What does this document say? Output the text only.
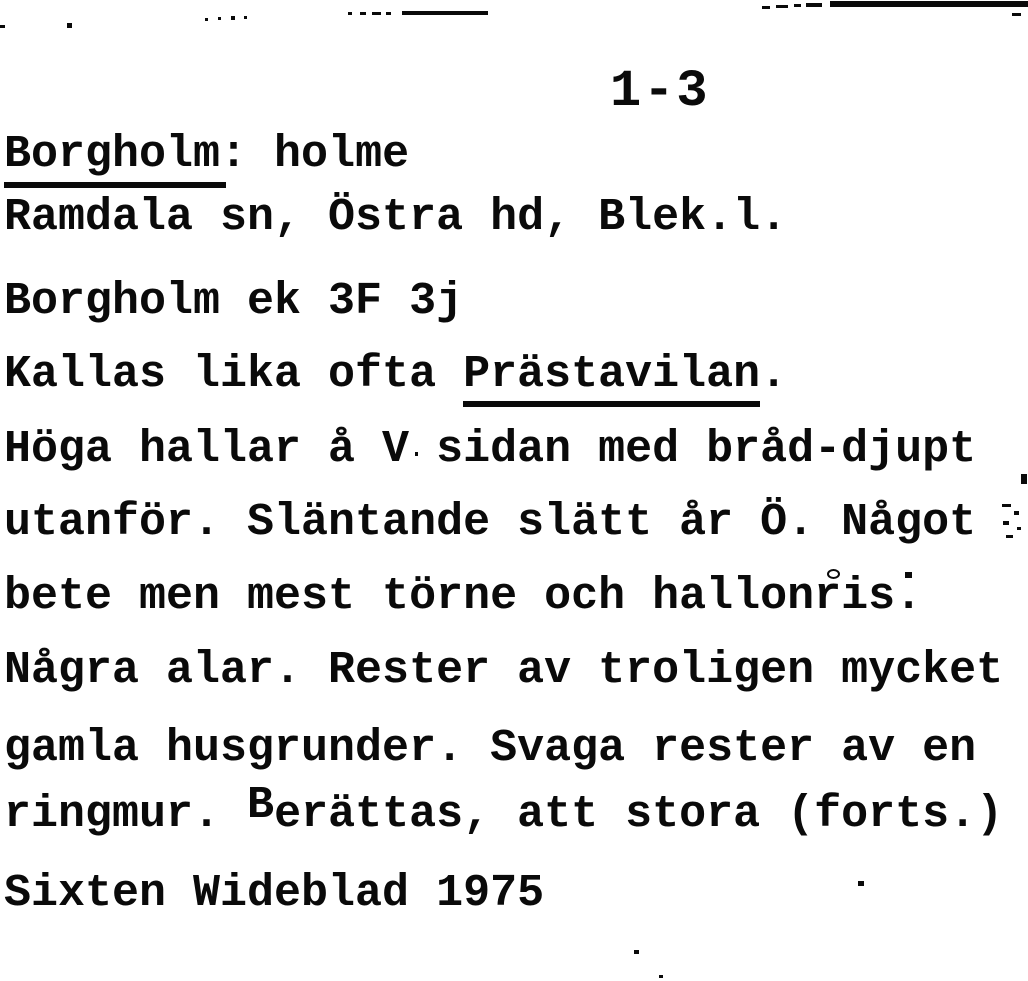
1-3
Borgholm: holme
Ramdala sn, Östra hd, Blek.l.
Borgholm ek 3F 3j
Kallas lika ofta Prästavilan.
Höga hallar å V sidan med bråd-djupt
utanför. Släntande slätt år Ö. Något
bete men mest törne och hallonris.
Några alar. Rester av troligen mycket
gamla husgrunder. Svaga rester av en
ringmur. Berättas, att stora (forts.)
Sixten Wideblad 1975
